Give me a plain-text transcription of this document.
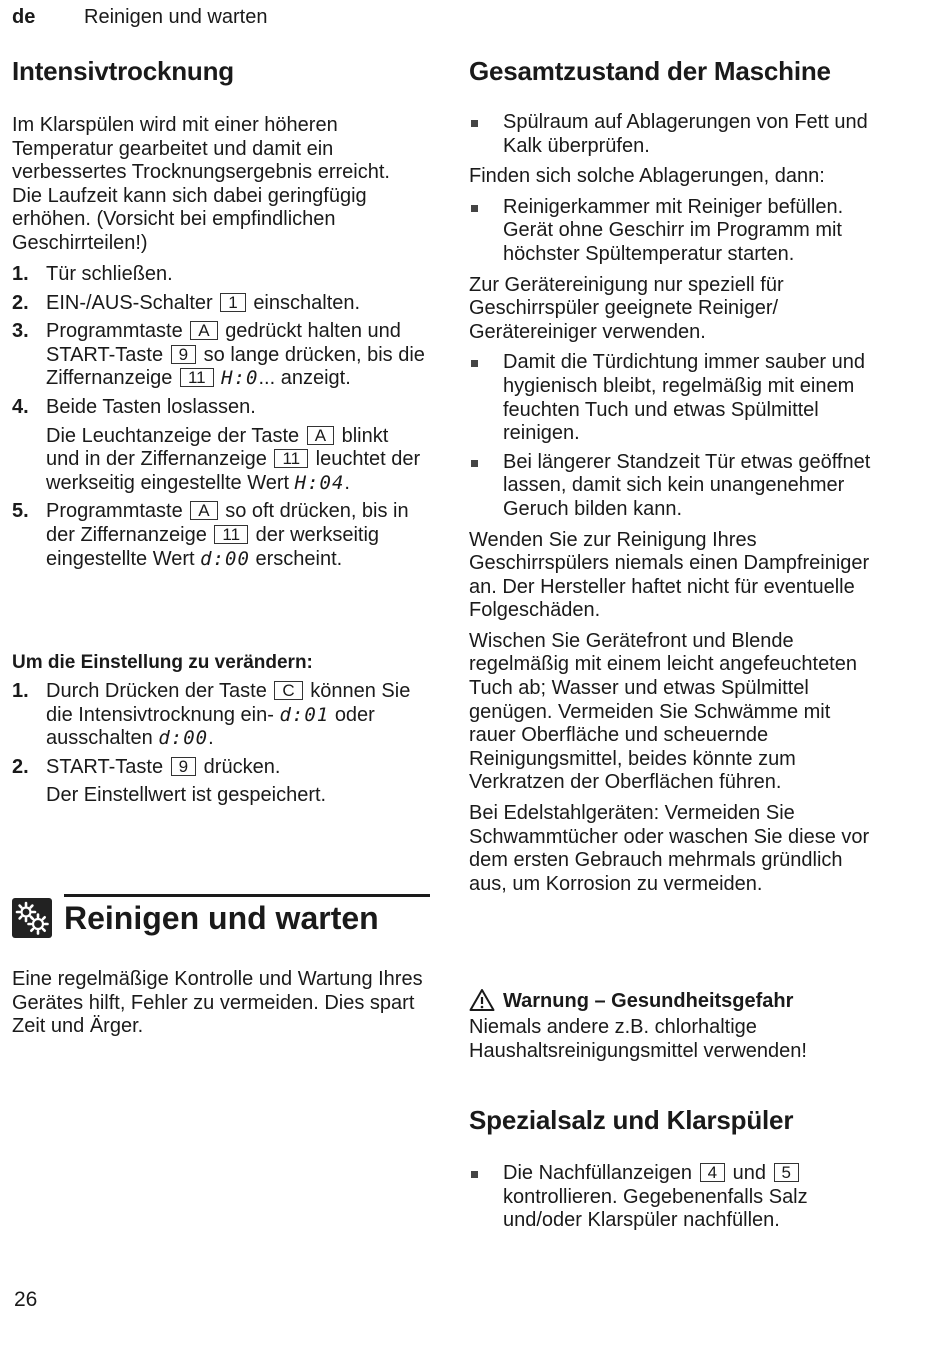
de Reinigen und warten
Intensivtrocknung

Im Klarspülen wird mit einer höheren Temperatur gearbeitet und damit ein verbessertes Trocknungsergebnis erreicht. Die Laufzeit kann sich dabei geringfügig erhöhen. (Vorsicht bei empfindlichen Geschirrteilen!)

1. Tür schließen.
2. EIN-/AUS-Schalter 1 einschalten.
3. Programmtaste A gedrückt halten und START-Taste 9 so lange drücken, bis die Ziffernanzeige 11 H:0... anzeigt.
4. Beide Tasten loslassen.
Die Leuchtanzeige der Taste A blinkt und in der Ziffernanzeige 11 leuchtet der werkseitig eingestellte Wert H:04.
5. Programmtaste A so oft drücken, bis in der Ziffernanzeige 11 der werkseitig eingestellte Wert d:00 erscheint.
Um die Einstellung zu verändern:
1. Durch Drücken der Taste C können Sie die Intensivtrocknung ein- d:01 oder ausschalten d:00.
2. START-Taste 9 drücken.
Der Einstellwert ist gespeichert.
Reinigen und warten

Eine regelmäßige Kontrolle und Wartung Ihres Gerätes hilft, Fehler zu vermeiden. Dies spart Zeit und Ärger.

Gesamtzustand der Maschine
Spülraum auf Ablagerungen von Fett und Kalk überprüfen.

Finden sich solche Ablagerungen, dann:

Reinigerkammer mit Reiniger befüllen. Gerät ohne Geschirr im Programm mit höchster Spültemperatur starten.

Zur Gerätereinigung nur speziell für Geschirrspüler geeignete Reiniger/ Gerätereiniger verwenden.

Damit die Türdichtung immer sauber und hygienisch bleibt, regelmäßig mit einem feuchten Tuch und etwas Spülmittel reinigen.
Bei längerer Standzeit Tür etwas geöffnet lassen, damit sich kein unangenehmer Geruch bilden kann.

Wenden Sie zur Reinigung Ihres Geschirrspülers niemals einen Dampfreiniger an. Der Hersteller haftet nicht für eventuelle Folgeschäden.

Wischen Sie Gerätefront und Blende regelmäßig mit einem leicht angefeuchteten Tuch ab; Wasser und etwas Spülmittel genügen. Vermeiden Sie Schwämme mit rauer Oberfläche und scheuernde Reinigungsmittel, beides könnte zum Verkratzen der Oberflächen führen.

Bei Edelstahlgeräten: Vermeiden Sie Schwammtücher oder waschen Sie diese vor dem ersten Gebrauch mehrmals gründlich aus, um Korrosion zu vermeiden.

Warnung – Gesundheitsgefahr

Niemals andere z.B. chlorhaltige Haushaltsreinigungsmittel verwenden!

Spezialsalz und Klarspüler
Die Nachfüllanzeigen 4 und 5 kontrollieren. Gegebenenfalls Salz und/oder Klarspüler nachfüllen.
26
